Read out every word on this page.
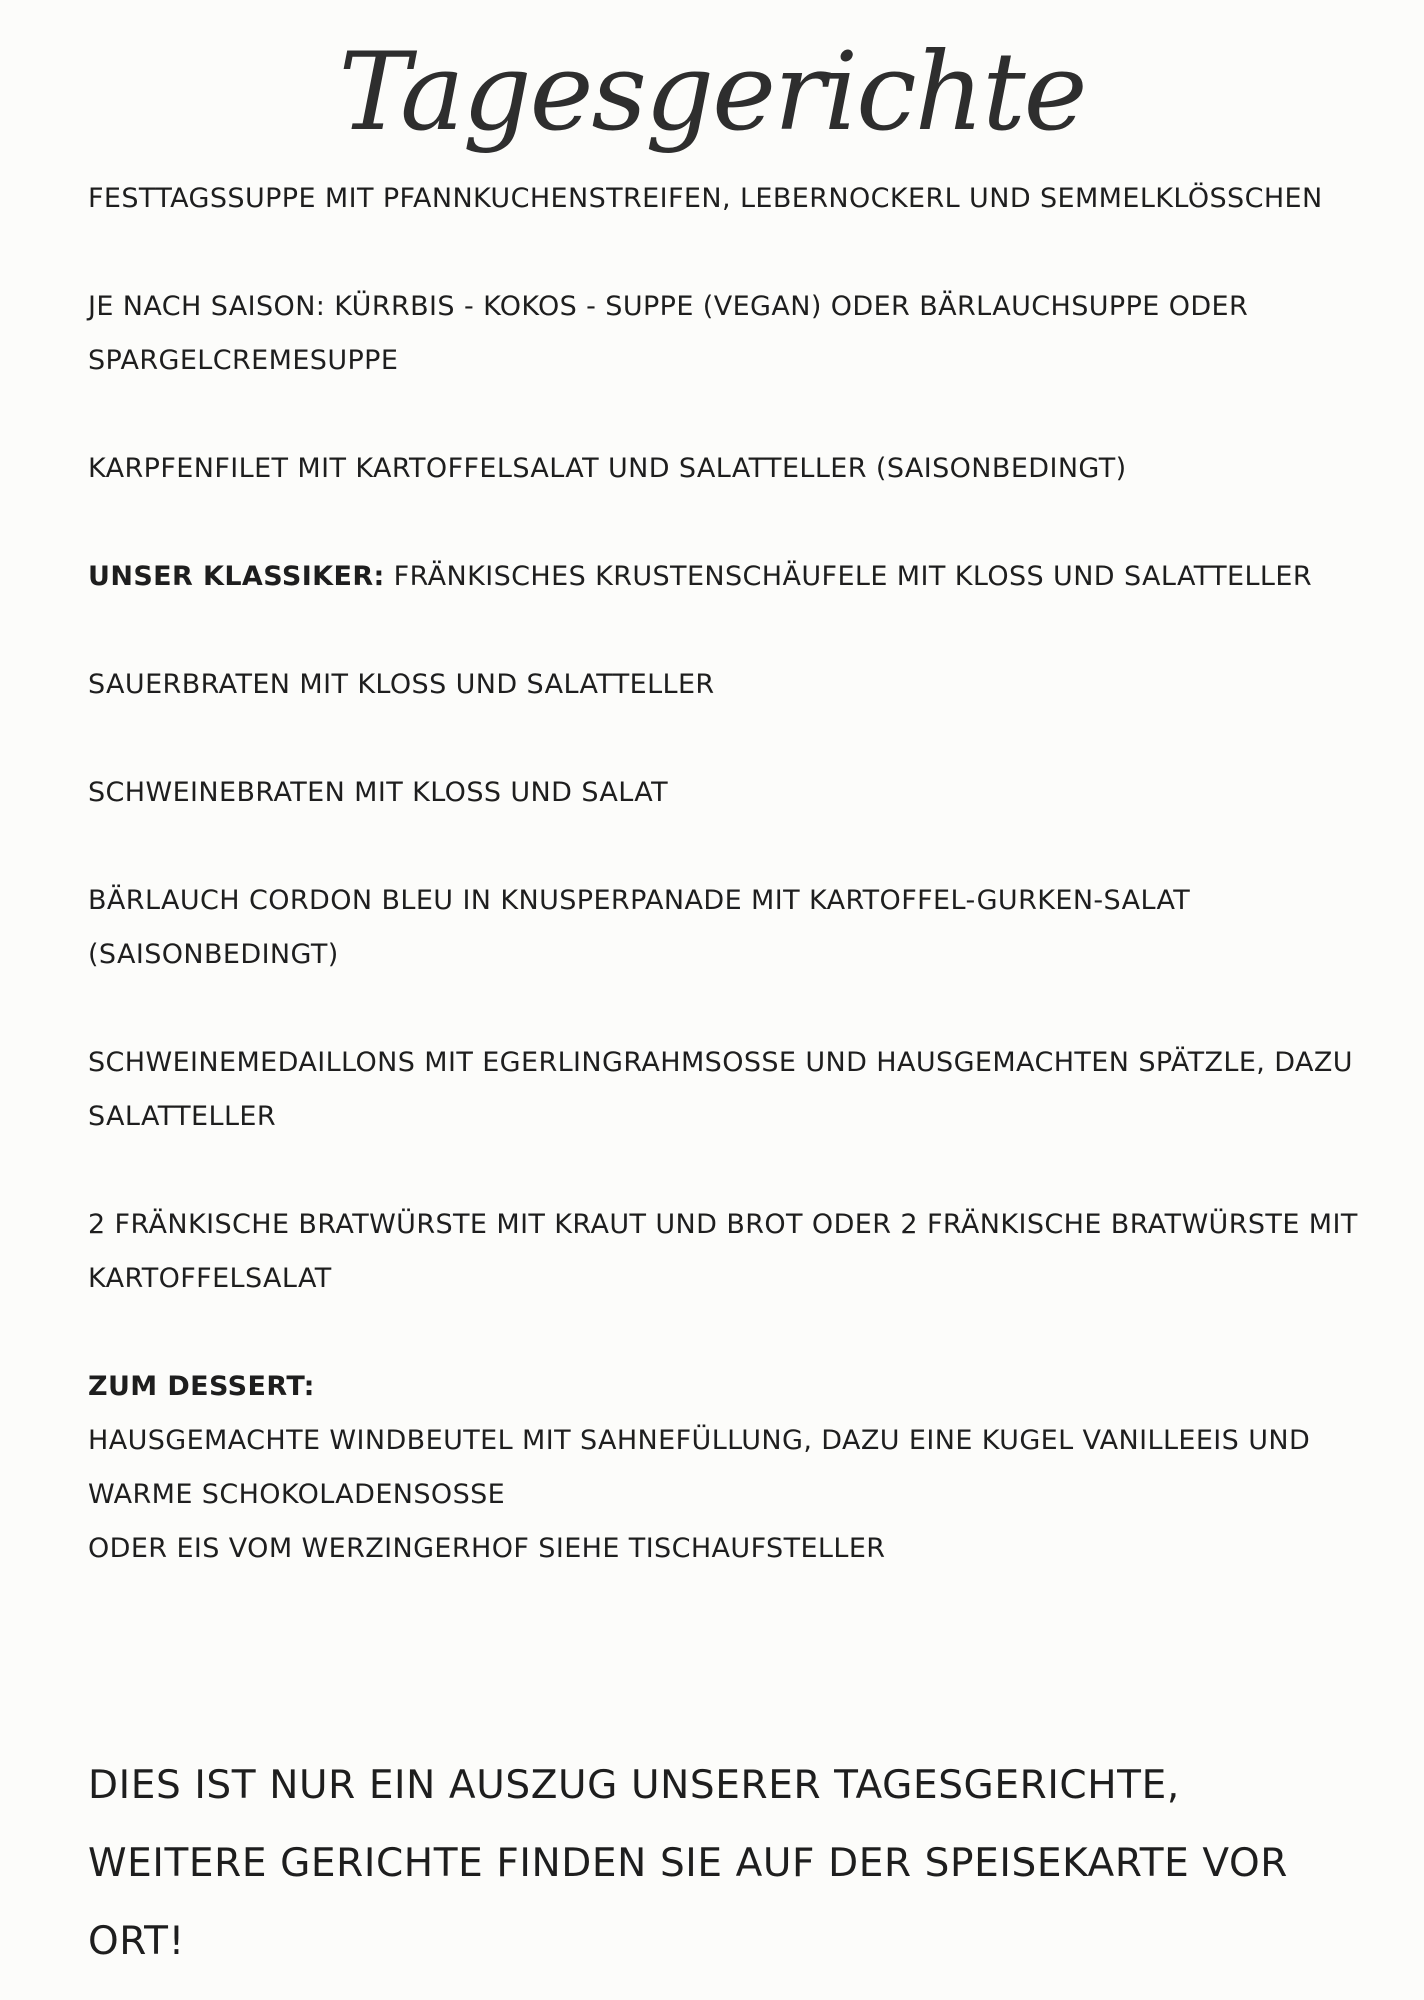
Tagesgerichte

FESTTAGSSUPPE MIT PFANNKUCHENSTREIFEN, LEBERNOCKERL UND SEMMELKLÖSSCHEN

JE NACH SAISON: KÜRRBIS - KOKOS - SUPPE (VEGAN) ODER BÄRLAUCHSUPPE ODER SPARGELCREMESUPPE

KARPFENFILET MIT KARTOFFELSALAT UND SALATTELLER (SAISONBEDINGT)

UNSER KLASSIKER: FRÄNKISCHES KRUSTENSCHÄUFELE MIT KLOSS UND SALATTELLER

SAUERBRATEN MIT KLOSS UND SALATTELLER

SCHWEINEBRATEN MIT KLOSS UND SALAT

BÄRLAUCH CORDON BLEU IN KNUSPERPANADE MIT KARTOFFEL-GURKEN-SALAT (SAISONBEDINGT)

SCHWEINEMEDAILLONS MIT EGERLINGRAHMSOSSE UND HAUSGEMACHTEN SPÄTZLE, DAZU SALATTELLER

2 FRÄNKISCHE BRATWÜRSTE MIT KRAUT UND BROT ODER 2 FRÄNKISCHE BRATWÜRSTE MIT KARTOFFELSALAT

ZUM DESSERT:
HAUSGEMACHTE WINDBEUTEL MIT SAHNEFÜLLUNG, DAZU EINE KUGEL VANILLEEIS UND WARME SCHOKOLADENSOSSE
ODER EIS VOM WERZINGERHOF SIEHE TISCHAUFSTELLER

DIES IST NUR EIN AUSZUG UNSERER TAGESGERICHTE, WEITERE GERICHTE FINDEN SIE AUF DER SPEISEKARTE VOR ORT!
